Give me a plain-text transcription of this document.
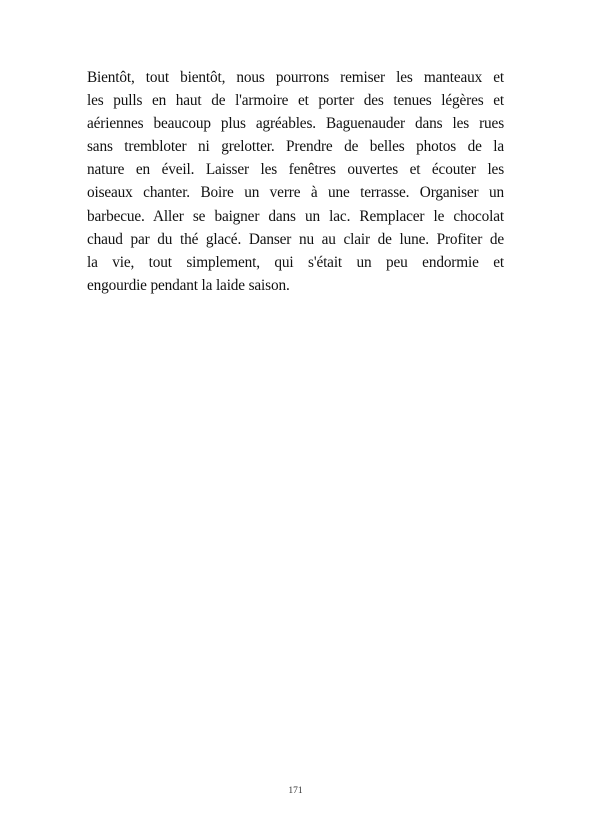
Bientôt, tout bientôt, nous pourrons remiser les manteaux et
les pulls en haut de l'armoire et porter des tenues légères et
aériennes beaucoup plus agréables. Baguenauder dans les rues
sans trembloter ni grelotter. Prendre de belles photos de la
nature en éveil. Laisser les fenêtres ouvertes et écouter les
oiseaux chanter. Boire un verre à une terrasse. Organiser un
barbecue. Aller se baigner dans un lac. Remplacer le chocolat
chaud par du thé glacé. Danser nu au clair de lune. Profiter de
la vie, tout simplement, qui s'était un peu endormie et
engourdie pendant la laide saison.
171
